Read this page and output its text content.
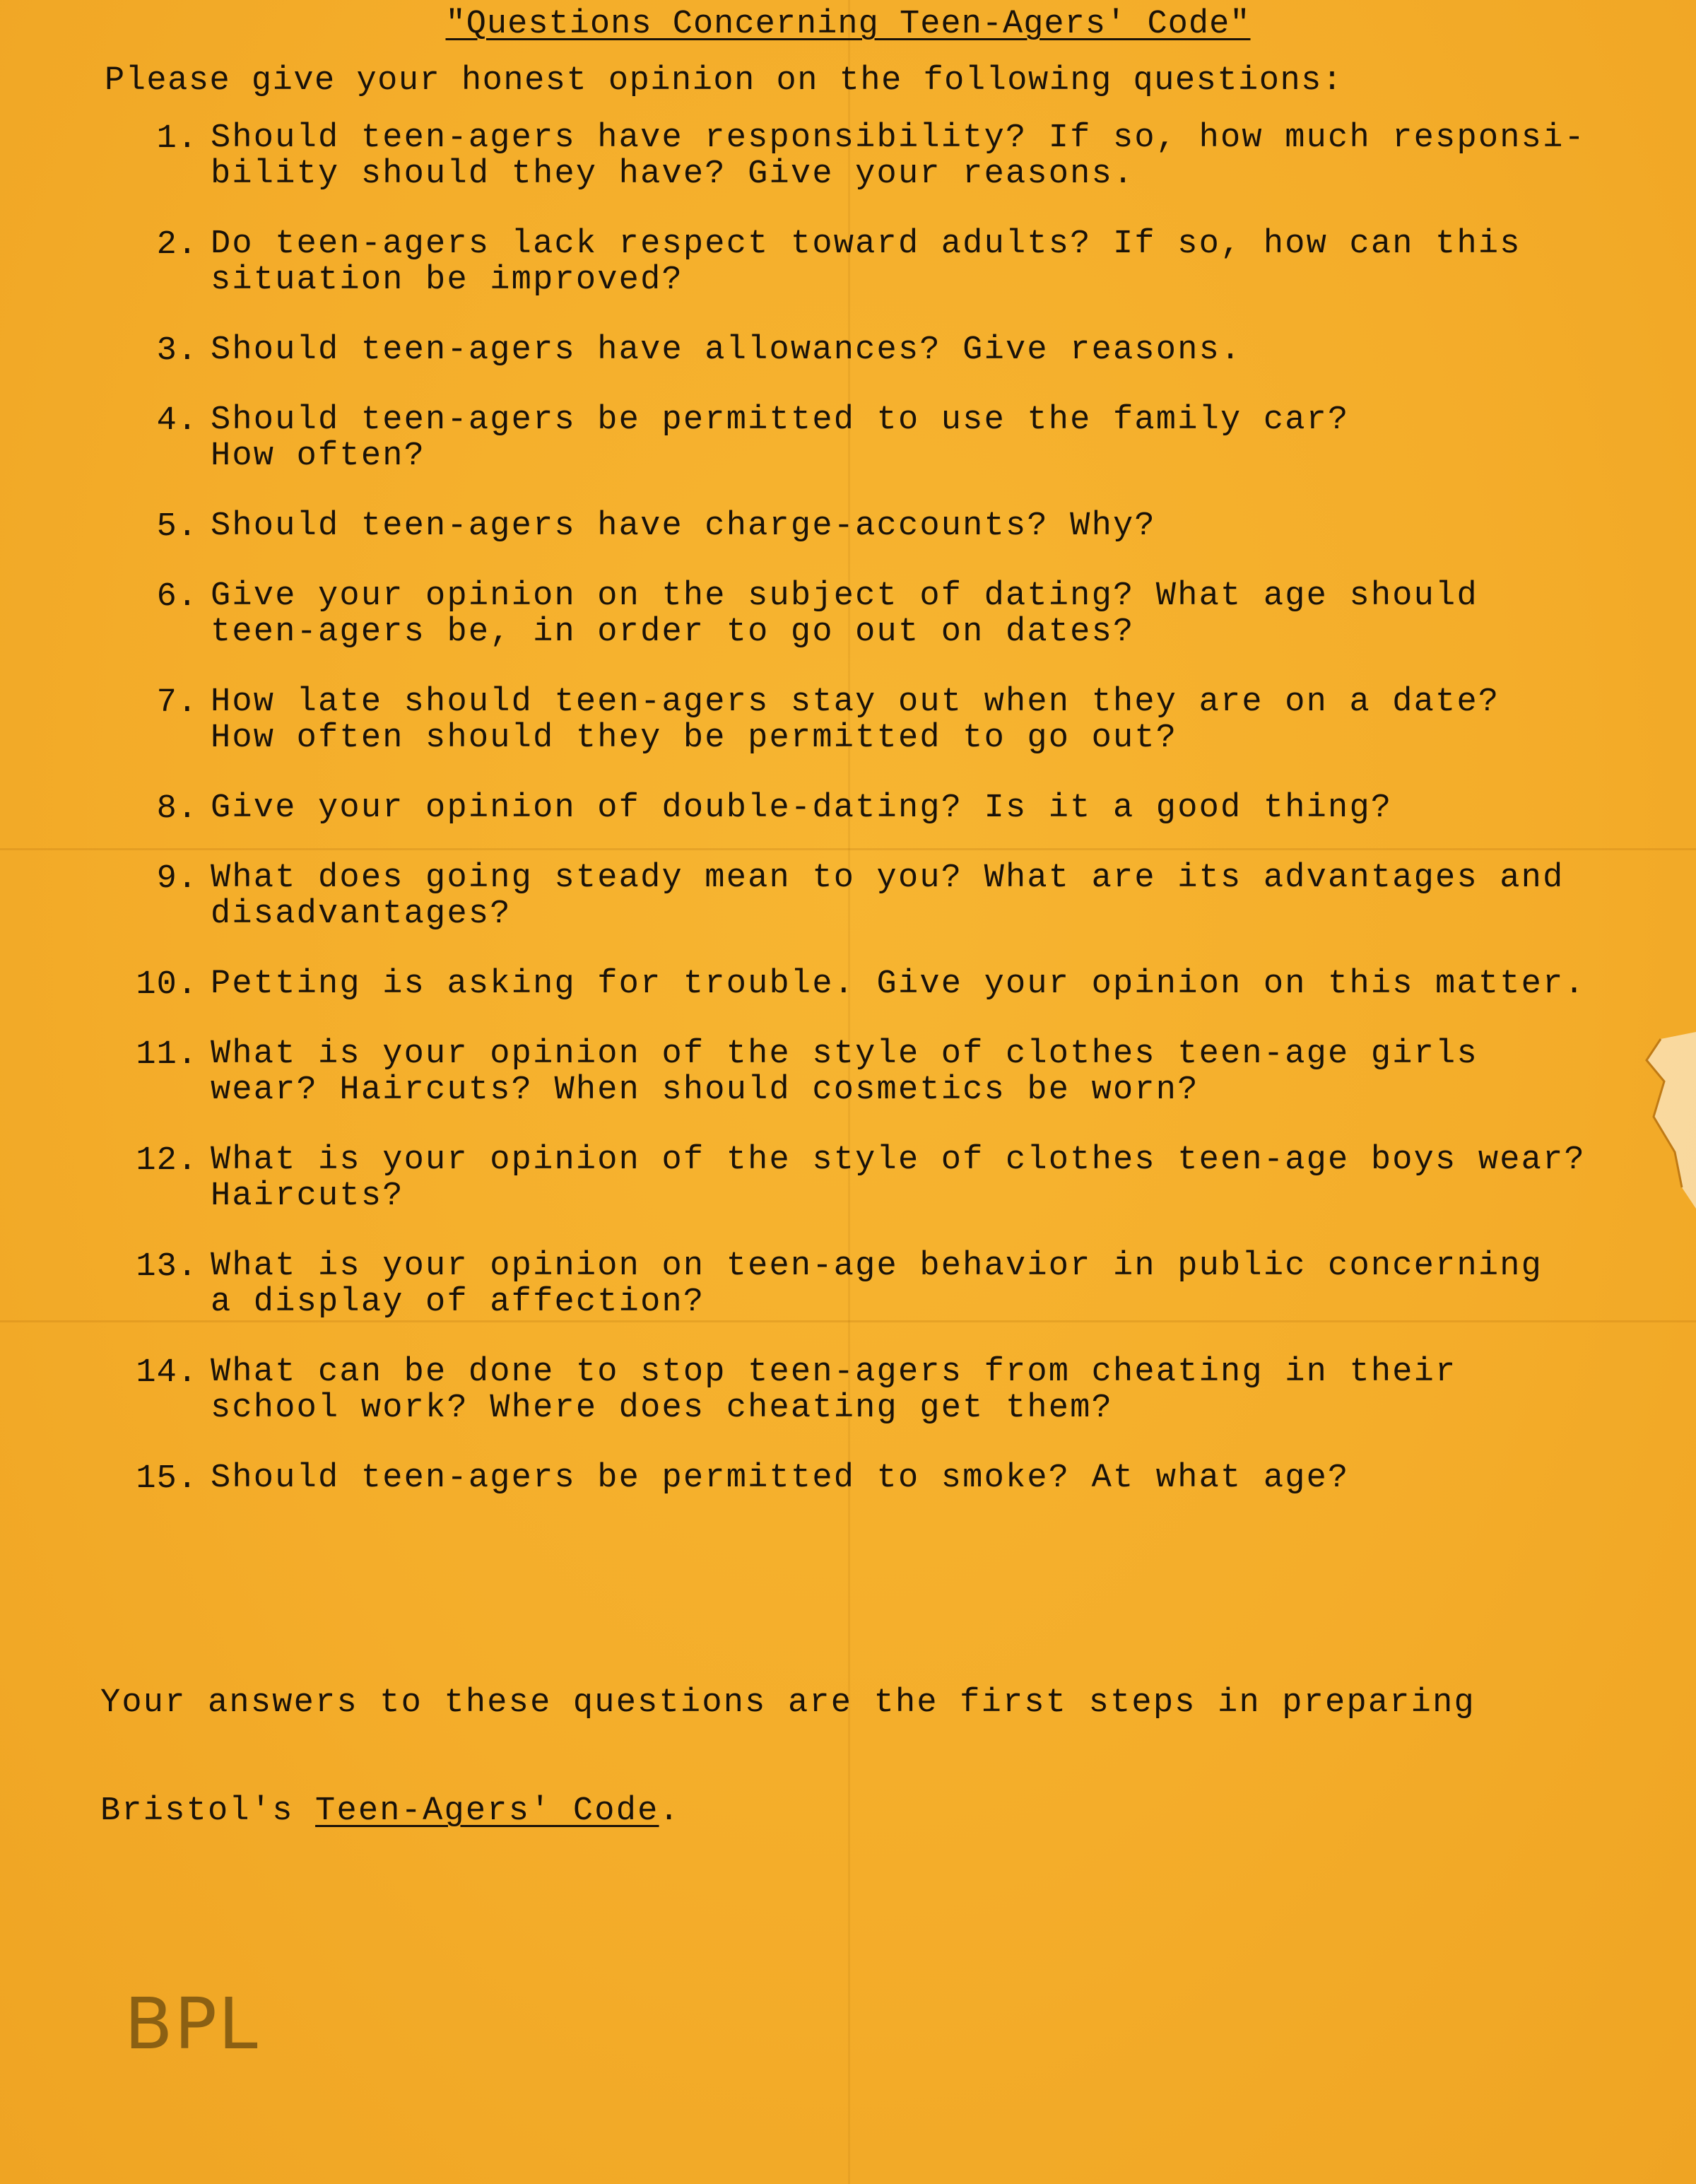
"Questions Concerning Teen-Agers' Code"
Please give your honest opinion on the following questions:
1. Should teen-agers have responsibility? If so, how much responsi-
bility should they have? Give your reasons.
2. Do teen-agers lack respect toward adults? If so, how can this
situation be improved?
3. Should teen-agers have allowances? Give reasons.
4. Should teen-agers be permitted to use the family car?
How often?
5. Should teen-agers have charge-accounts? Why?
6. Give your opinion on the subject of dating? What age should
teen-agers be, in order to go out on dates?
7. How late should teen-agers stay out when they are on a date?
How often should they be permitted to go out?
8. Give your opinion of double-dating? Is it a good thing?
9. What does going steady mean to you? What are its advantages and
disadvantages?
10. Petting is asking for trouble. Give your opinion on this matter.
11. What is your opinion of the style of clothes teen-age girls
wear? Haircuts? When should cosmetics be worn?
12. What is your opinion of the style of clothes teen-age boys wear?
Haircuts?
13. What is your opinion on teen-age behavior in public concerning
a display of affection?
14. What can be done to stop teen-agers from cheating in their
school work? Where does cheating get them?
15. Should teen-agers be permitted to smoke? At what age?

Your answers to these questions are the first steps in preparing

Bristol's Teen-Agers' Code.

BPL
